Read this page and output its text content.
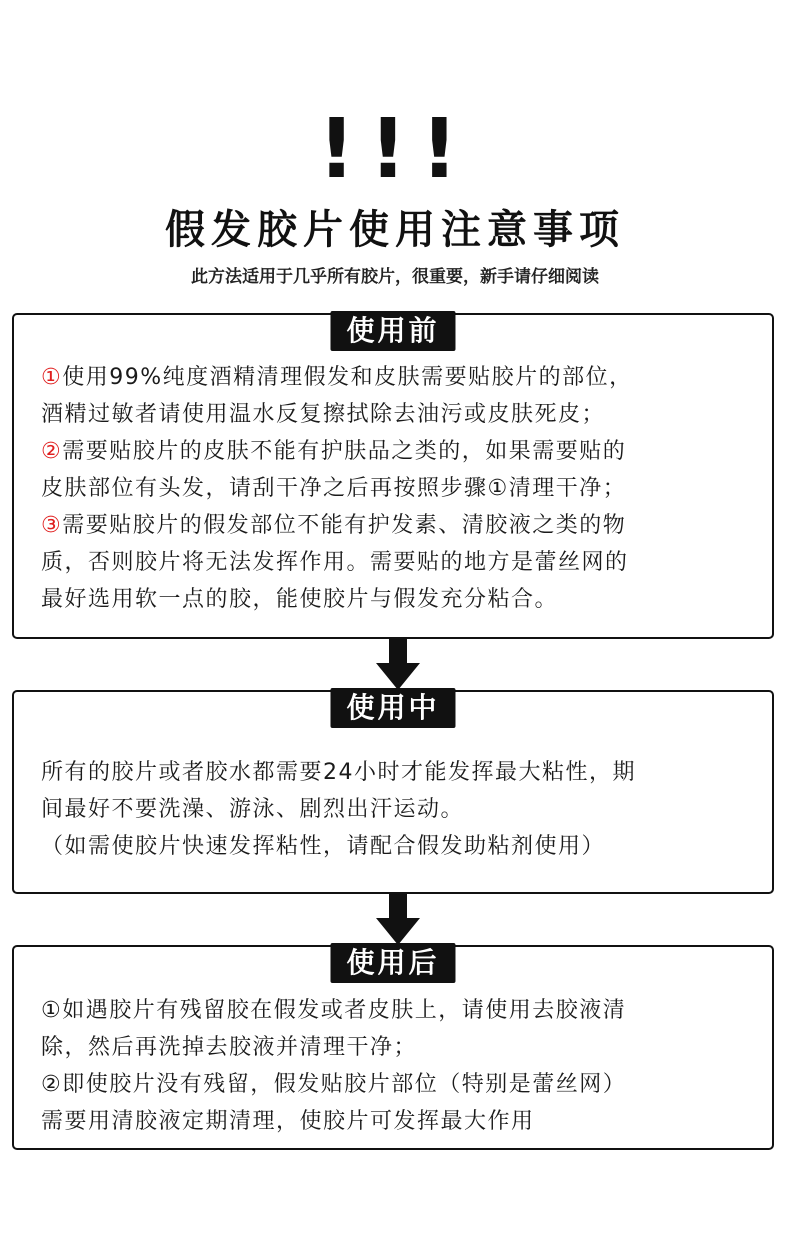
!!!
假发胶片使用注意事项
此方法适用于几乎所有胶片，很重要，新手请仔细阅读
使用前
①使用99%纯度酒精清理假发和皮肤需要贴胶片的部位，
酒精过敏者请使用温水反复擦拭除去油污或皮肤死皮；
②需要贴胶片的皮肤不能有护肤品之类的，如果需要贴的
皮肤部位有头发，请刮干净之后再按照步骤①清理干净；
③需要贴胶片的假发部位不能有护发素、清胶液之类的物
质，否则胶片将无法发挥作用。需要贴的地方是蕾丝网的
最好选用软一点的胶，能使胶片与假发充分粘合。
使用中
所有的胶片或者胶水都需要24小时才能发挥最大粘性，期
间最好不要洗澡、游泳、剧烈出汗运动。
（如需使胶片快速发挥粘性，请配合假发助粘剂使用）
使用后
①如遇胶片有残留胶在假发或者皮肤上，请使用去胶液清
除，然后再洗掉去胶液并清理干净；
②即使胶片没有残留，假发贴胶片部位（特别是蕾丝网）
需要用清胶液定期清理，使胶片可发挥最大作用
